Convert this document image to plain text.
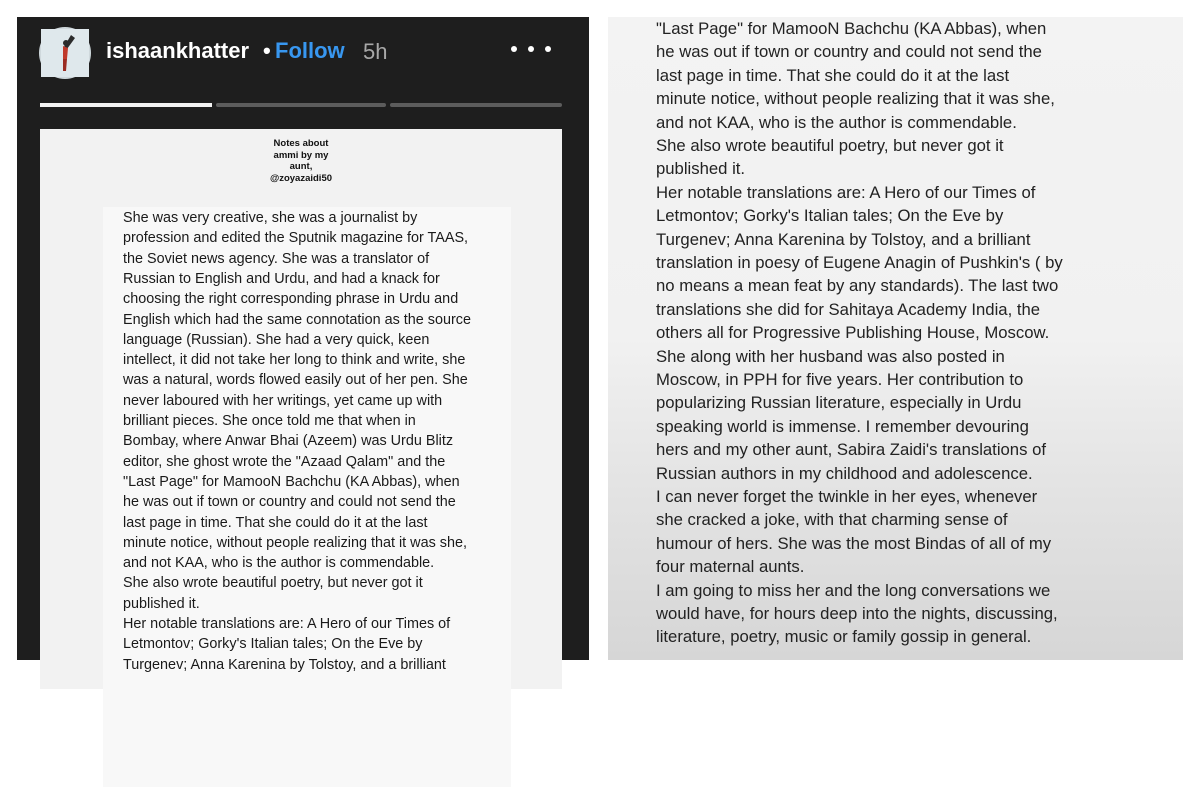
ishaankhatter • Follow 5h
Notes about
ammi by my
aunt,
@zoyazaidi50
She was very creative, she was a journalist by
profession and edited the Sputnik magazine for TAAS,
the Soviet news agency. She was a translator of
Russian to English and Urdu, and had a knack for
choosing the right corresponding phrase in Urdu and
English which had the same connotation as the source
language (Russian). She had a very quick, keen
intellect, it did not take her long to think and write, she
was a natural, words flowed easily out of her pen. She
never laboured with her writings, yet came up with
brilliant pieces. She once told me that when in
Bombay, where Anwar Bhai (Azeem) was Urdu Blitz
editor, she ghost wrote the "Azaad Qalam" and the
"Last Page" for MamooN Bachchu (KA Abbas), when
he was out if town or country and could not send the
last page in time. That she could do it at the last
minute notice, without people realizing that it was she,
and not KAA, who is the author is commendable.
She also wrote beautiful poetry, but never got it
published it.
Her notable translations are: A Hero of our Times of
Letmontov; Gorky's Italian tales; On the Eve by
Turgenev; Anna Karenina by Tolstoy, and a brilliant
"Last Page" for MamooN Bachchu (KA Abbas), when
he was out if town or country and could not send the
last page in time. That she could do it at the last
minute notice, without people realizing that it was she,
and not KAA, who is the author is commendable.
She also wrote beautiful poetry, but never got it
published it.
Her notable translations are: A Hero of our Times of
Letmontov; Gorky's Italian tales; On the Eve by
Turgenev; Anna Karenina by Tolstoy, and a brilliant
translation in poesy of Eugene Anagin of Pushkin's ( by
no means a mean feat by any standards). The last two
translations she did for Sahitaya Academy India, the
others all for Progressive Publishing House, Moscow.
She along with her husband was also posted in
Moscow, in PPH for five years. Her contribution to
popularizing Russian literature, especially in Urdu
speaking world is immense. I remember devouring
hers and my other aunt, Sabira Zaidi's translations of
Russian authors in my childhood and adolescence.
I can never forget the twinkle in her eyes, whenever
she cracked a joke, with that charming sense of
humour of hers. She was the most Bindas of all of my
four maternal aunts.
I am going to miss her and the long conversations we
would have, for hours deep into the nights, discussing,
literature, poetry, music or family gossip in general.
